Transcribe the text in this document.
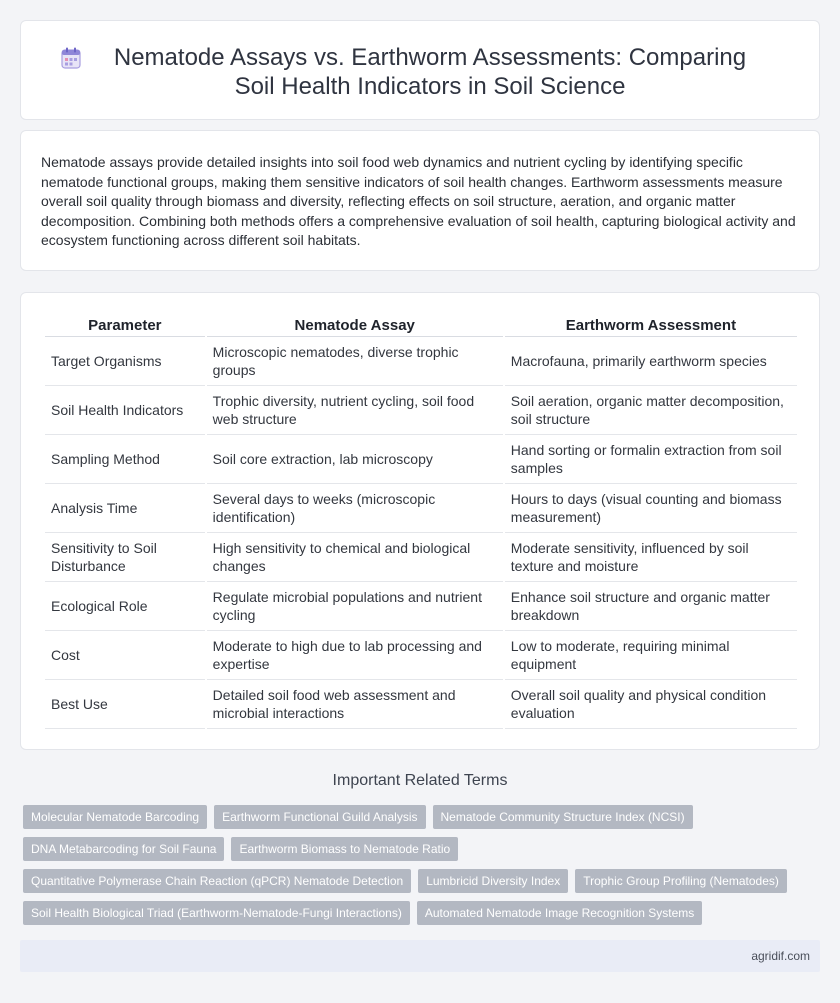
Nematode Assays vs. Earthworm Assessments: Comparing Soil Health Indicators in Soil Science

Nematode assays provide detailed insights into soil food web dynamics and nutrient cycling by identifying specific nematode functional groups, making them sensitive indicators of soil health changes. Earthworm assessments measure overall soil quality through biomass and diversity, reflecting effects on soil structure, aeration, and organic matter decomposition. Combining both methods offers a comprehensive evaluation of soil health, capturing biological activity and ecosystem functioning across different soil habitats.

Parameter	Nematode Assay	Earthworm Assessment
Target Organisms	Microscopic nematodes, diverse trophic groups	Macrofauna, primarily earthworm species
Soil Health Indicators	Trophic diversity, nutrient cycling, soil food web structure	Soil aeration, organic matter decomposition, soil structure
Sampling Method	Soil core extraction, lab microscopy	Hand sorting or formalin extraction from soil samples
Analysis Time	Several days to weeks (microscopic identification)	Hours to days (visual counting and biomass measurement)
Sensitivity to Soil Disturbance	High sensitivity to chemical and biological changes	Moderate sensitivity, influenced by soil texture and moisture
Ecological Role	Regulate microbial populations and nutrient cycling	Enhance soil structure and organic matter breakdown
Cost	Moderate to high due to lab processing and expertise	Low to moderate, requiring minimal equipment
Best Use	Detailed soil food web assessment and microbial interactions	Overall soil quality and physical condition evaluation
Important Related Terms
Molecular Nematode Barcoding	Earthworm Functional Guild Analysis	Nematode Community Structure Index (NCSI)
DNA Metabarcoding for Soil Fauna	Earthworm Biomass to Nematode Ratio
Quantitative Polymerase Chain Reaction (qPCR) Nematode Detection	Lumbricid Diversity Index	Trophic Group Profiling (Nematodes)
Soil Health Biological Triad (Earthworm-Nematode-Fungi Interactions)	Automated Nematode Image Recognition Systems
agridif.com
